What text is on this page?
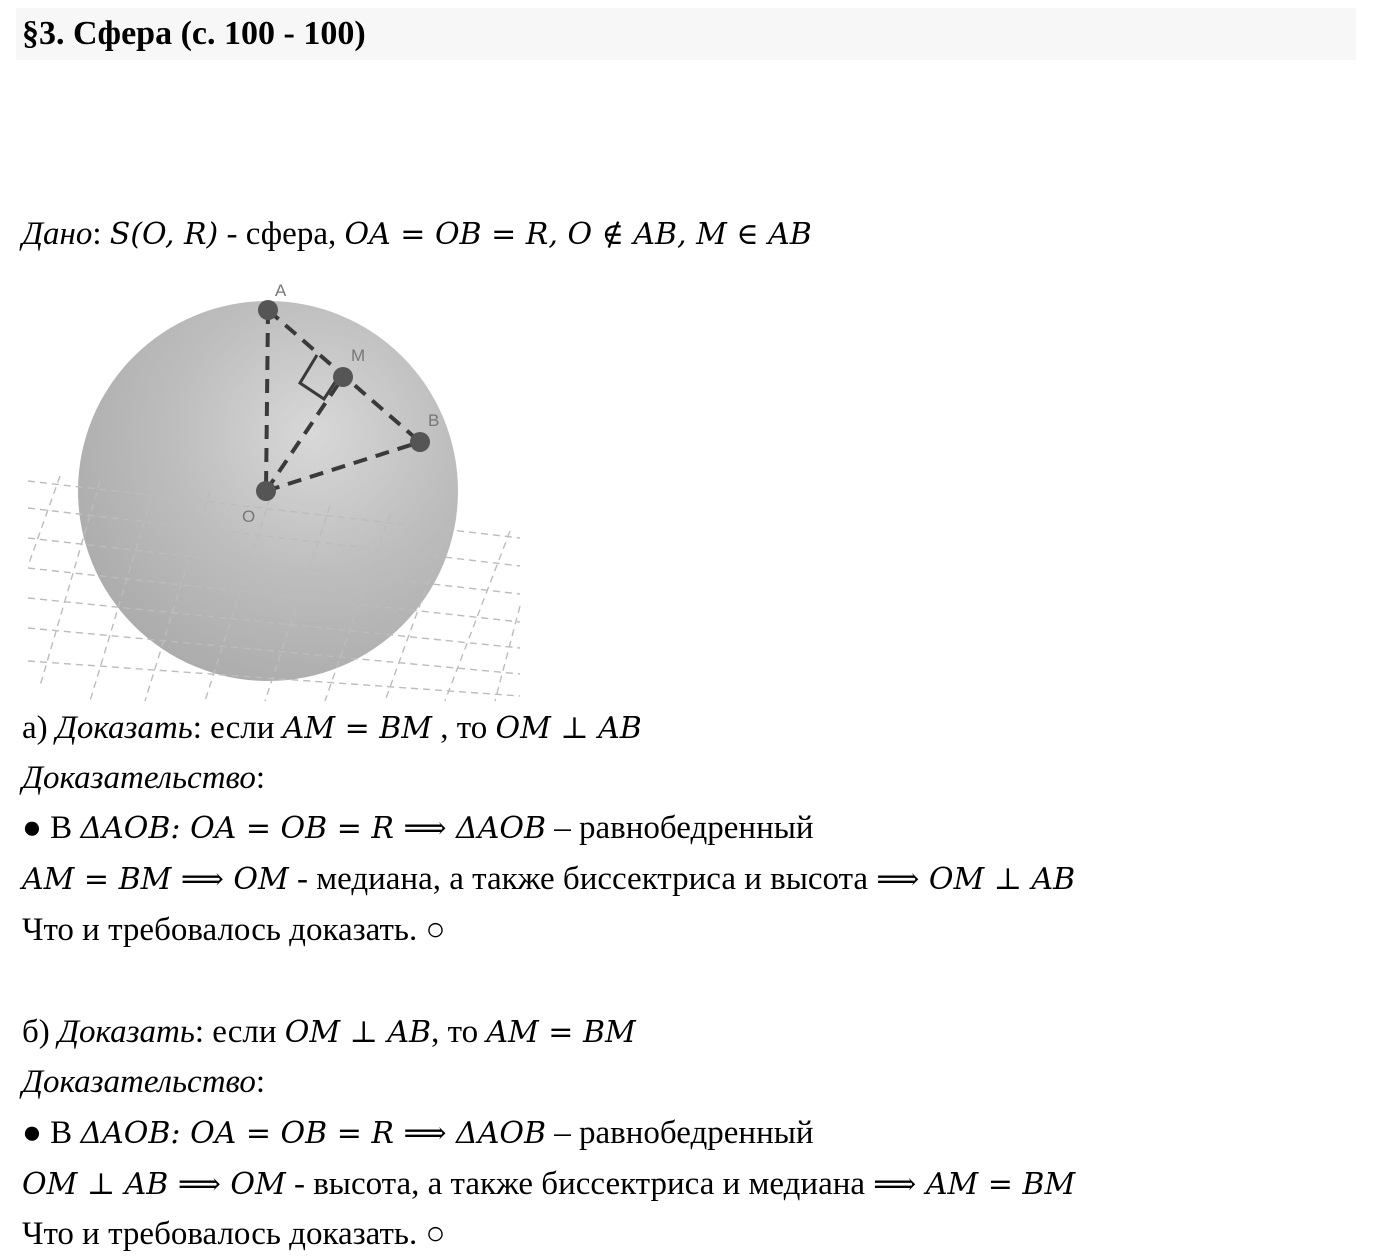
§3. Сфера (с. 100 - 100)
Дано: S(O, R) - сфера, OA = OB = R, O ∉ AB, M ∈ AB
A
M
B
O
а) Доказать: если AM = BM , то OM ⊥ AB
Доказательство:
● В ΔAOB: OA = OB = R ⟹ ΔAOB – равнобедренный
AM = BM ⟹ OM - медиана, а также биссектриса и высота ⟹ OM ⊥ AB
Что и требовалось доказать. ○
б) Доказать: если OM ⊥ AB, то AM = BM
Доказательство:
● В ΔAOB: OA = OB = R ⟹ ΔAOB – равнобедренный
OM ⊥ AB ⟹ OM - высота, а также биссектриса и медиана ⟹ AM = BM
Что и требовалось доказать. ○
